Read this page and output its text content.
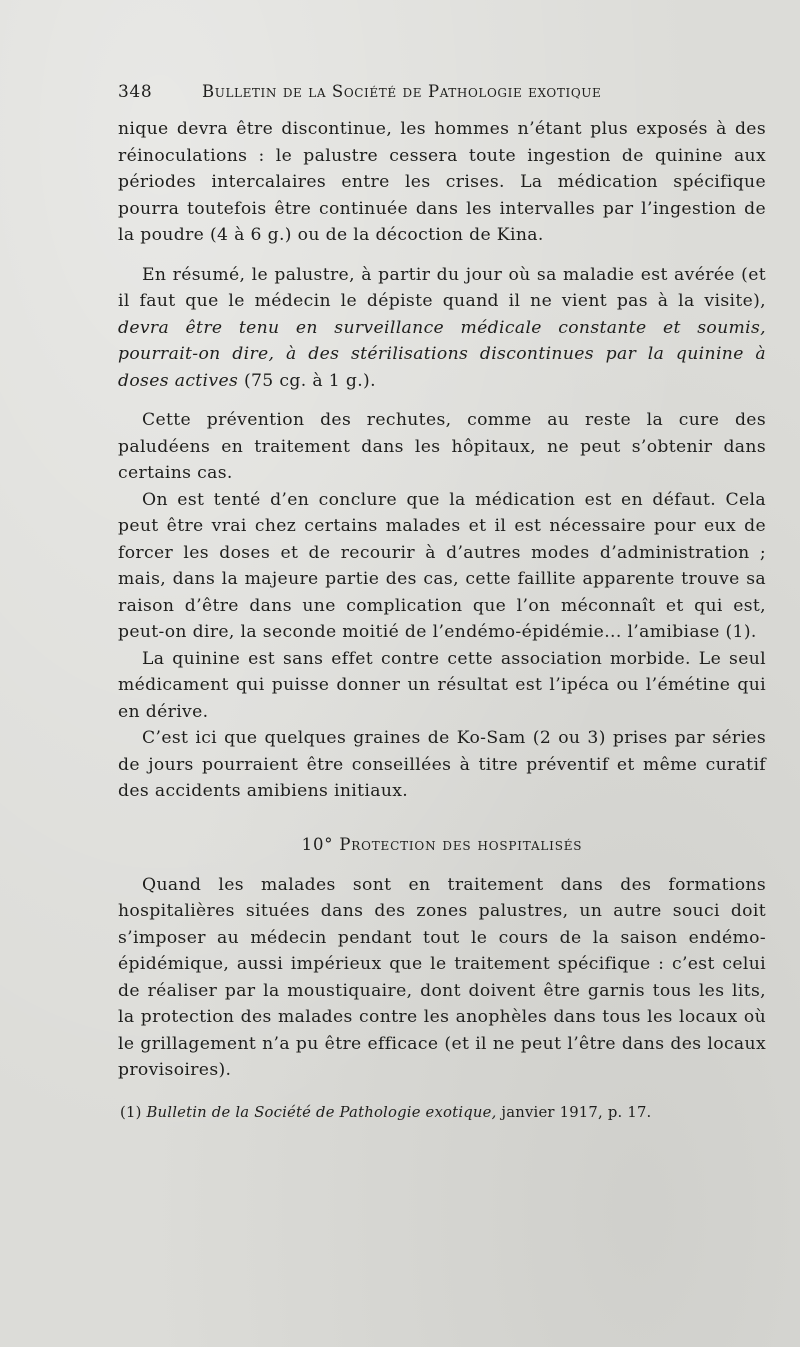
348	Bulletin de la Société de Pathologie exotique

nique devra être discontinue, les hommes n’étant plus exposés à des réinoculations : le palustre cessera toute ingestion de quinine aux périodes intercalaires entre les crises. La médication spécifique pourra toutefois être continuée dans les intervalles par l’ingestion de la poudre (4 à 6 g.) ou de la décoction de Kina.

En résumé, le palustre, à partir du jour où sa maladie est avérée (et il faut que le médecin le dépiste quand il ne vient pas à la visite), devra être tenu en surveillance médicale constante et soumis, pourrait-on dire, à des stérilisations discontinues par la quinine à doses actives (75 cg. à 1 g.).

Cette prévention des rechutes, comme au reste la cure des paludéens en traitement dans les hôpitaux, ne peut s’obtenir dans certains cas.

On est tenté d’en conclure que la médication est en défaut. Cela peut être vrai chez certains malades et il est nécessaire pour eux de forcer les doses et de recourir à d’autres modes d’administration ; mais, dans la majeure partie des cas, cette faillite apparente trouve sa raison d’être dans une complication que l’on méconnaît et qui est, peut-on dire, la seconde moitié de l’endémo-épidémie... l’amibiase (1).

La quinine est sans effet contre cette association morbide. Le seul médicament qui puisse donner un résultat est l’ipéca ou l’émétine qui en dérive.

C’est ici que quelques graines de Ko-Sam (2 ou 3) prises par séries de jours pourraient être conseillées à titre préventif et même curatif des accidents amibiens initiaux.

10° Protection des hospitalisés

Quand les malades sont en traitement dans des formations hospitalières situées dans des zones palustres, un autre souci doit s’imposer au médecin pendant tout le cours de la saison endémo-épidémique, aussi impérieux que le traitement spécifique : c’est celui de réaliser par la moustiquaire, dont doivent être garnis tous les lits, la protection des malades contre les anophèles dans tous les locaux où le grillagement n’a pu être efficace (et il ne peut l’être dans des locaux provisoires).

(1) Bulletin de la Société de Pathologie exotique, janvier 1917, p. 17.
